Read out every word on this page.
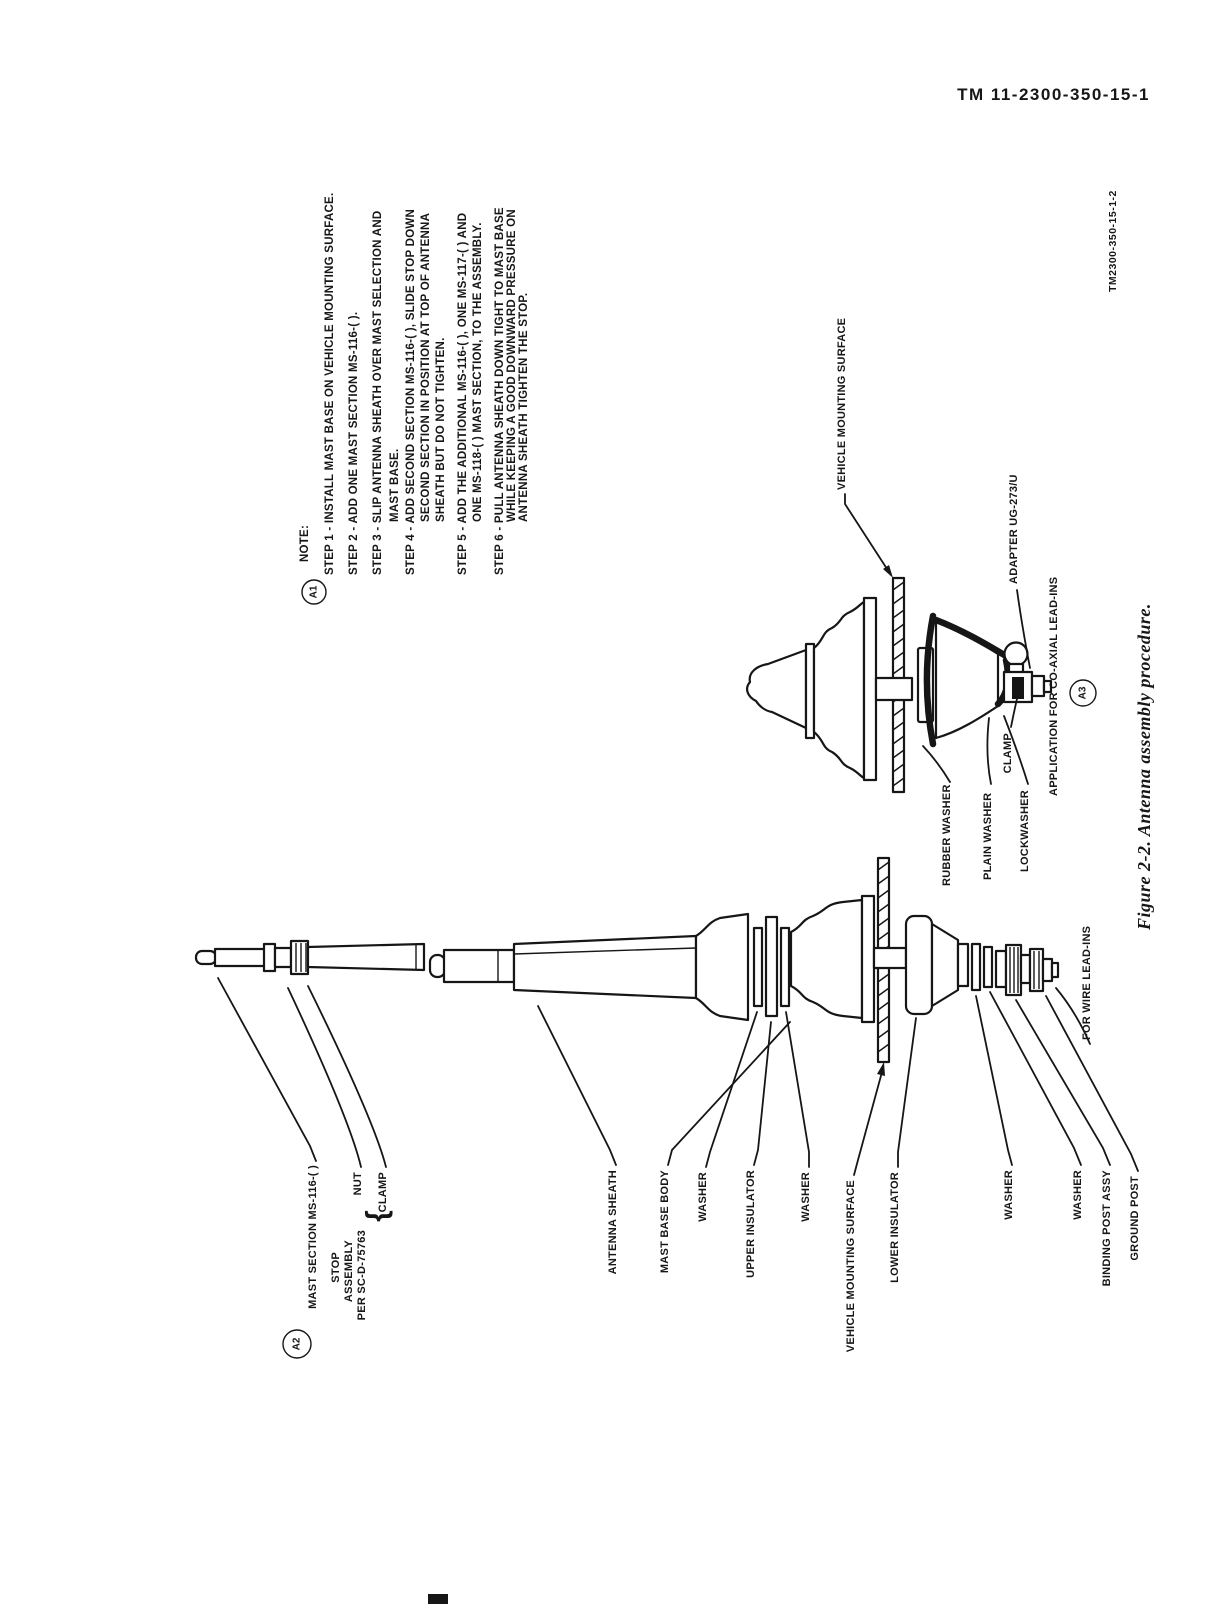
TM 11-2300-350-15-1
TM2300-350-15-1-2
NOTE:
A1
STEP 1 - INSTALL MAST BASE ON VEHICLE MOUNTING SURFACE. STEP 2 - ADD ONE MAST SECTION MS-116-( ). STEP 3 - SLIP ANTENNA SHEATH OVER MAST SELECTION AND MAST BASE. STEP 4 - ADD SECOND SECTION MS-116-( ), SLIDE STOP DOWN SECOND SECTION IN POSITION AT TOP OF ANTENNA SHEATH BUT DO NOT TIGHTEN. STEP 5 - ADD THE ADDITIONAL MS-116-( ), ONE MS-117-( ) AND ONE MS-118-( ) MAST SECTION, TO THE ASSEMBLY. STEP 6 - PULL ANTENNA SHEATH DOWN TIGHT TO MAST BASE WHILE KEEPING A GOOD DOWNWARD PRESSURE ON ANTENNA SHEATH TIGHTEN THE STOP.	VEHICLE MOUNTING SURFACE
ADAPTER UG-273/U
CLAMP
RUBBER WASHER	PLAIN WASHER LOCKWASHER
APPLICATION FOR CO-AXIAL LEAD-INS A3
A2
MAST SECTION MS-116-( ) STOP ASSEMBLY PER SC-D-75763
{
NUT CLAMP	ANTENNA SHEATH	MAST BASE BODY WASHER	UPPER INSULATOR	WASHER	VEHICLE MOUNTING SURFACE	LOWER INSULATOR	WASHER	WASHER BINDING POST ASSY GROUND POST
FOR WIRE LEAD-INS
Figure 2-2. Antenna assembly procedure.
